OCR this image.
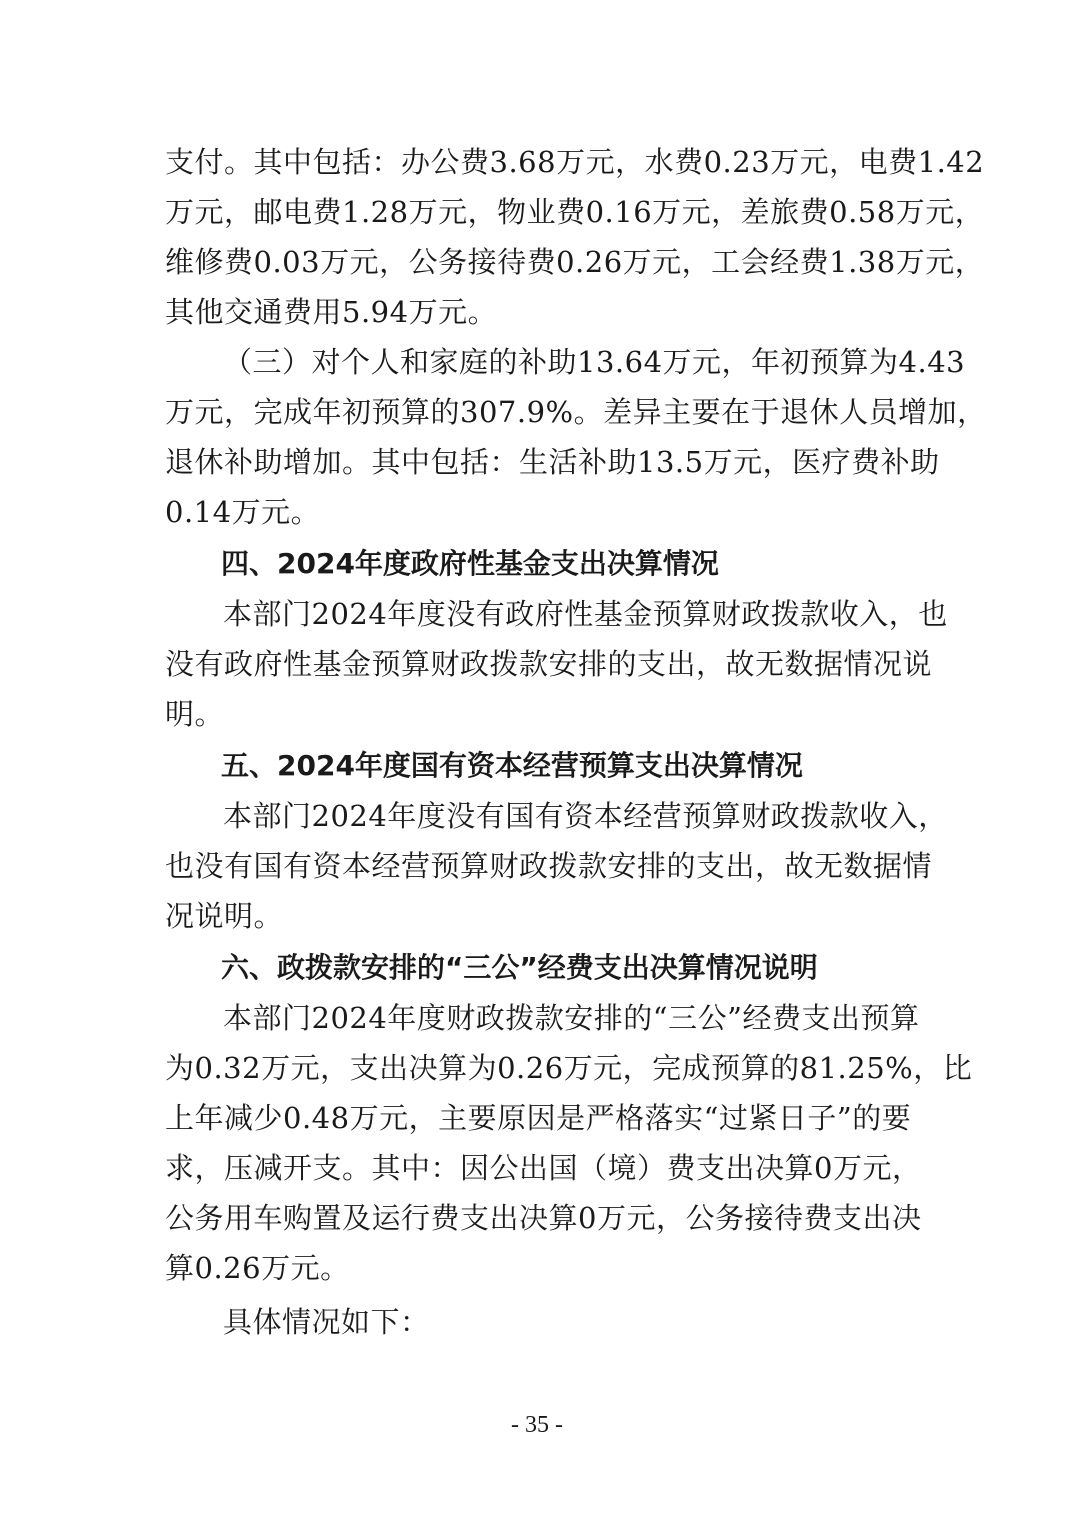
支付。其中包括：办公费3.68万元，水费0.23万元，电费1.42
万元，邮电费1.28万元，物业费0.16万元，差旅费0.58万元，
维修费0.03万元，公务接待费0.26万元，工会经费1.38万元，
其他交通费用5.94万元。
（三）对个人和家庭的补助13.64万元，年初预算为4.43
万元，完成年初预算的307.9%。差异主要在于退休人员增加，
退休补助增加。其中包括：生活补助13.5万元，医疗费补助
0.14万元。
四、2024年度政府性基金支出决算情况
本部门2024年度没有政府性基金预算财政拨款收入，也
没有政府性基金预算财政拨款安排的支出，故无数据情况说
明。
五、2024年度国有资本经营预算支出决算情况
本部门2024年度没有国有资本经营预算财政拨款收入，
也没有国有资本经营预算财政拨款安排的支出，故无数据情
况说明。
六、政拨款安排的“三公”经费支出决算情况说明
本部门2024年度财政拨款安排的“三公”经费支出预算
为0.32万元，支出决算为0.26万元，完成预算的81.25%，比
上年减少0.48万元，主要原因是严格落实“过紧日子”的要
求，压减开支。其中：因公出国（境）费支出决算0万元，
公务用车购置及运行费支出决算0万元，公务接待费支出决
算0.26万元。
具体情况如下：
- 35 -
